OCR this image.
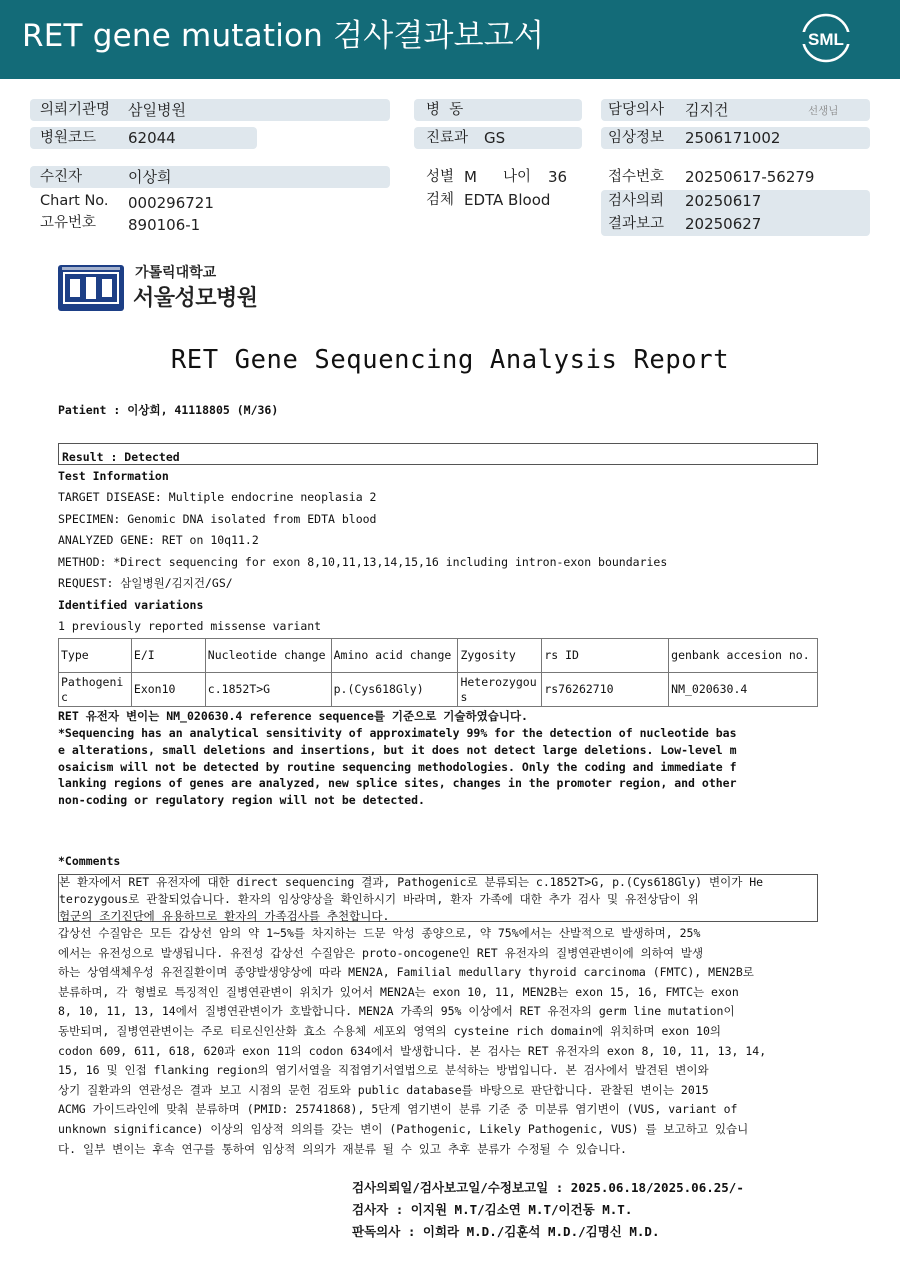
RET gene mutation 검사결과보고서	SML
의뢰기관명 삼일병원
병원코드 62044
병  동
진료과 GS
담당의사 김지건	선생님
임상정보 2506171002
수진자	이상희
Chart No. 000296721
고유번호 890106-1
성별 M 나이 36
검체 EDTA Blood
접수번호 20250617-56279
검사의뢰 20250617
결과보고 20250627
가톨릭대학교
서울성모병원
RET Gene Sequencing Analysis Report
Patient : 이상희, 41118805 (M/36)
Result : Detected
Test Information
TARGET DISEASE: Multiple endocrine neoplasia 2
SPECIMEN: Genomic DNA isolated from EDTA blood
ANALYZED GENE: RET on 10q11.2
METHOD: *Direct sequencing for exon 8,10,11,13,14,15,16 including intron-exon boundaries
REQUEST: 삼일병원/김지건/GS/
Identified variations
1 previously reported missense variant
Type	E/I	Nucleotide change	Amino acid change	Zygosity	rs ID	genbank accesion no.
Pathogenic	Exon10	c.1852T>G	p.(Cys618Gly)	Heterozygous	rs76262710	NM_020630.4
RET 유전자 변이는 NM_020630.4 reference sequence를 기준으로 기술하였습니다.
*Sequencing has an analytical sensitivity of approximately 99% for the detection of nucleotide bas
e alterations, small deletions and insertions, but it does not detect large deletions. Low-level m
osaicism will not be detected by routine sequencing methodologies. Only the coding and immediate f
lanking regions of genes are analyzed, new splice sites, changes in the promoter region, and other
non-coding or regulatory region will not be detected.
*Comments
본 환자에서 RET 유전자에 대한 direct sequencing 결과, Pathogenic로 분류되는 c.1852T>G, p.(Cys618Gly) 변이가 He
terozygous로 관찰되었습니다. 환자의 임상양상을 확인하시기 바라며, 환자 가족에 대한 추가 검사 및 유전상담이 위
험군의 조기진단에 유용하므로 환자의 가족검사를 추천합니다.
갑상선 수질암은 모든 갑상선 암의 약 1~5%를 차지하는 드문 악성 종양으로, 약 75%에서는 산발적으로 발생하며, 25%
에서는 유전성으로 발생됩니다. 유전성 갑상선 수질암은 proto-oncogene인 RET 유전자의 질병연관변이에 의하여 발생
하는 상염색체우성 유전질환이며 종양발생양상에 따라 MEN2A, Familial medullary thyroid carcinoma (FMTC), MEN2B로
분류하며, 각 형별로 특징적인 질병연관변이 위치가 있어서 MEN2A는 exon 10, 11, MEN2B는 exon 15, 16, FMTC는 exon
8, 10, 11, 13, 14에서 질병연관변이가 호발합니다. MEN2A 가족의 95% 이상에서 RET 유전자의 germ line mutation이
동반되며, 질병연관변이는 주로 티로신인산화 효소 수용체 세포외 영역의 cysteine rich domain에 위치하며 exon 10의
codon 609, 611, 618, 620과 exon 11의 codon 634에서 발생합니다. 본 검사는 RET 유전자의 exon 8, 10, 11, 13, 14,
15, 16 및 인접 flanking region의 염기서열을 직접염기서열법으로 분석하는 방법입니다. 본 검사에서 발견된 변이와
상기 질환과의 연관성은 결과 보고 시점의 문헌 검토와 public database를 바탕으로 판단합니다. 관찰된 변이는 2015
ACMG 가이드라인에 맞춰 분류하며 (PMID: 25741868), 5단계 염기변이 분류 기준 중 미분류 염기변이 (VUS, variant of
unknown significance) 이상의 임상적 의의를 갖는 변이 (Pathogenic, Likely Pathogenic, VUS) 를 보고하고 있습니
다. 일부 변이는 후속 연구를 통하여 임상적 의의가 재분류 될 수 있고 추후 분류가 수정될 수 있습니다.
검사의뢰일/검사보고일/수정보고일 : 2025.06.18/2025.06.25/-
검사자 : 이지원 M.T/김소연 M.T/이건동 M.T.
판독의사 : 이희라 M.D./김훈석 M.D./김명신 M.D.
